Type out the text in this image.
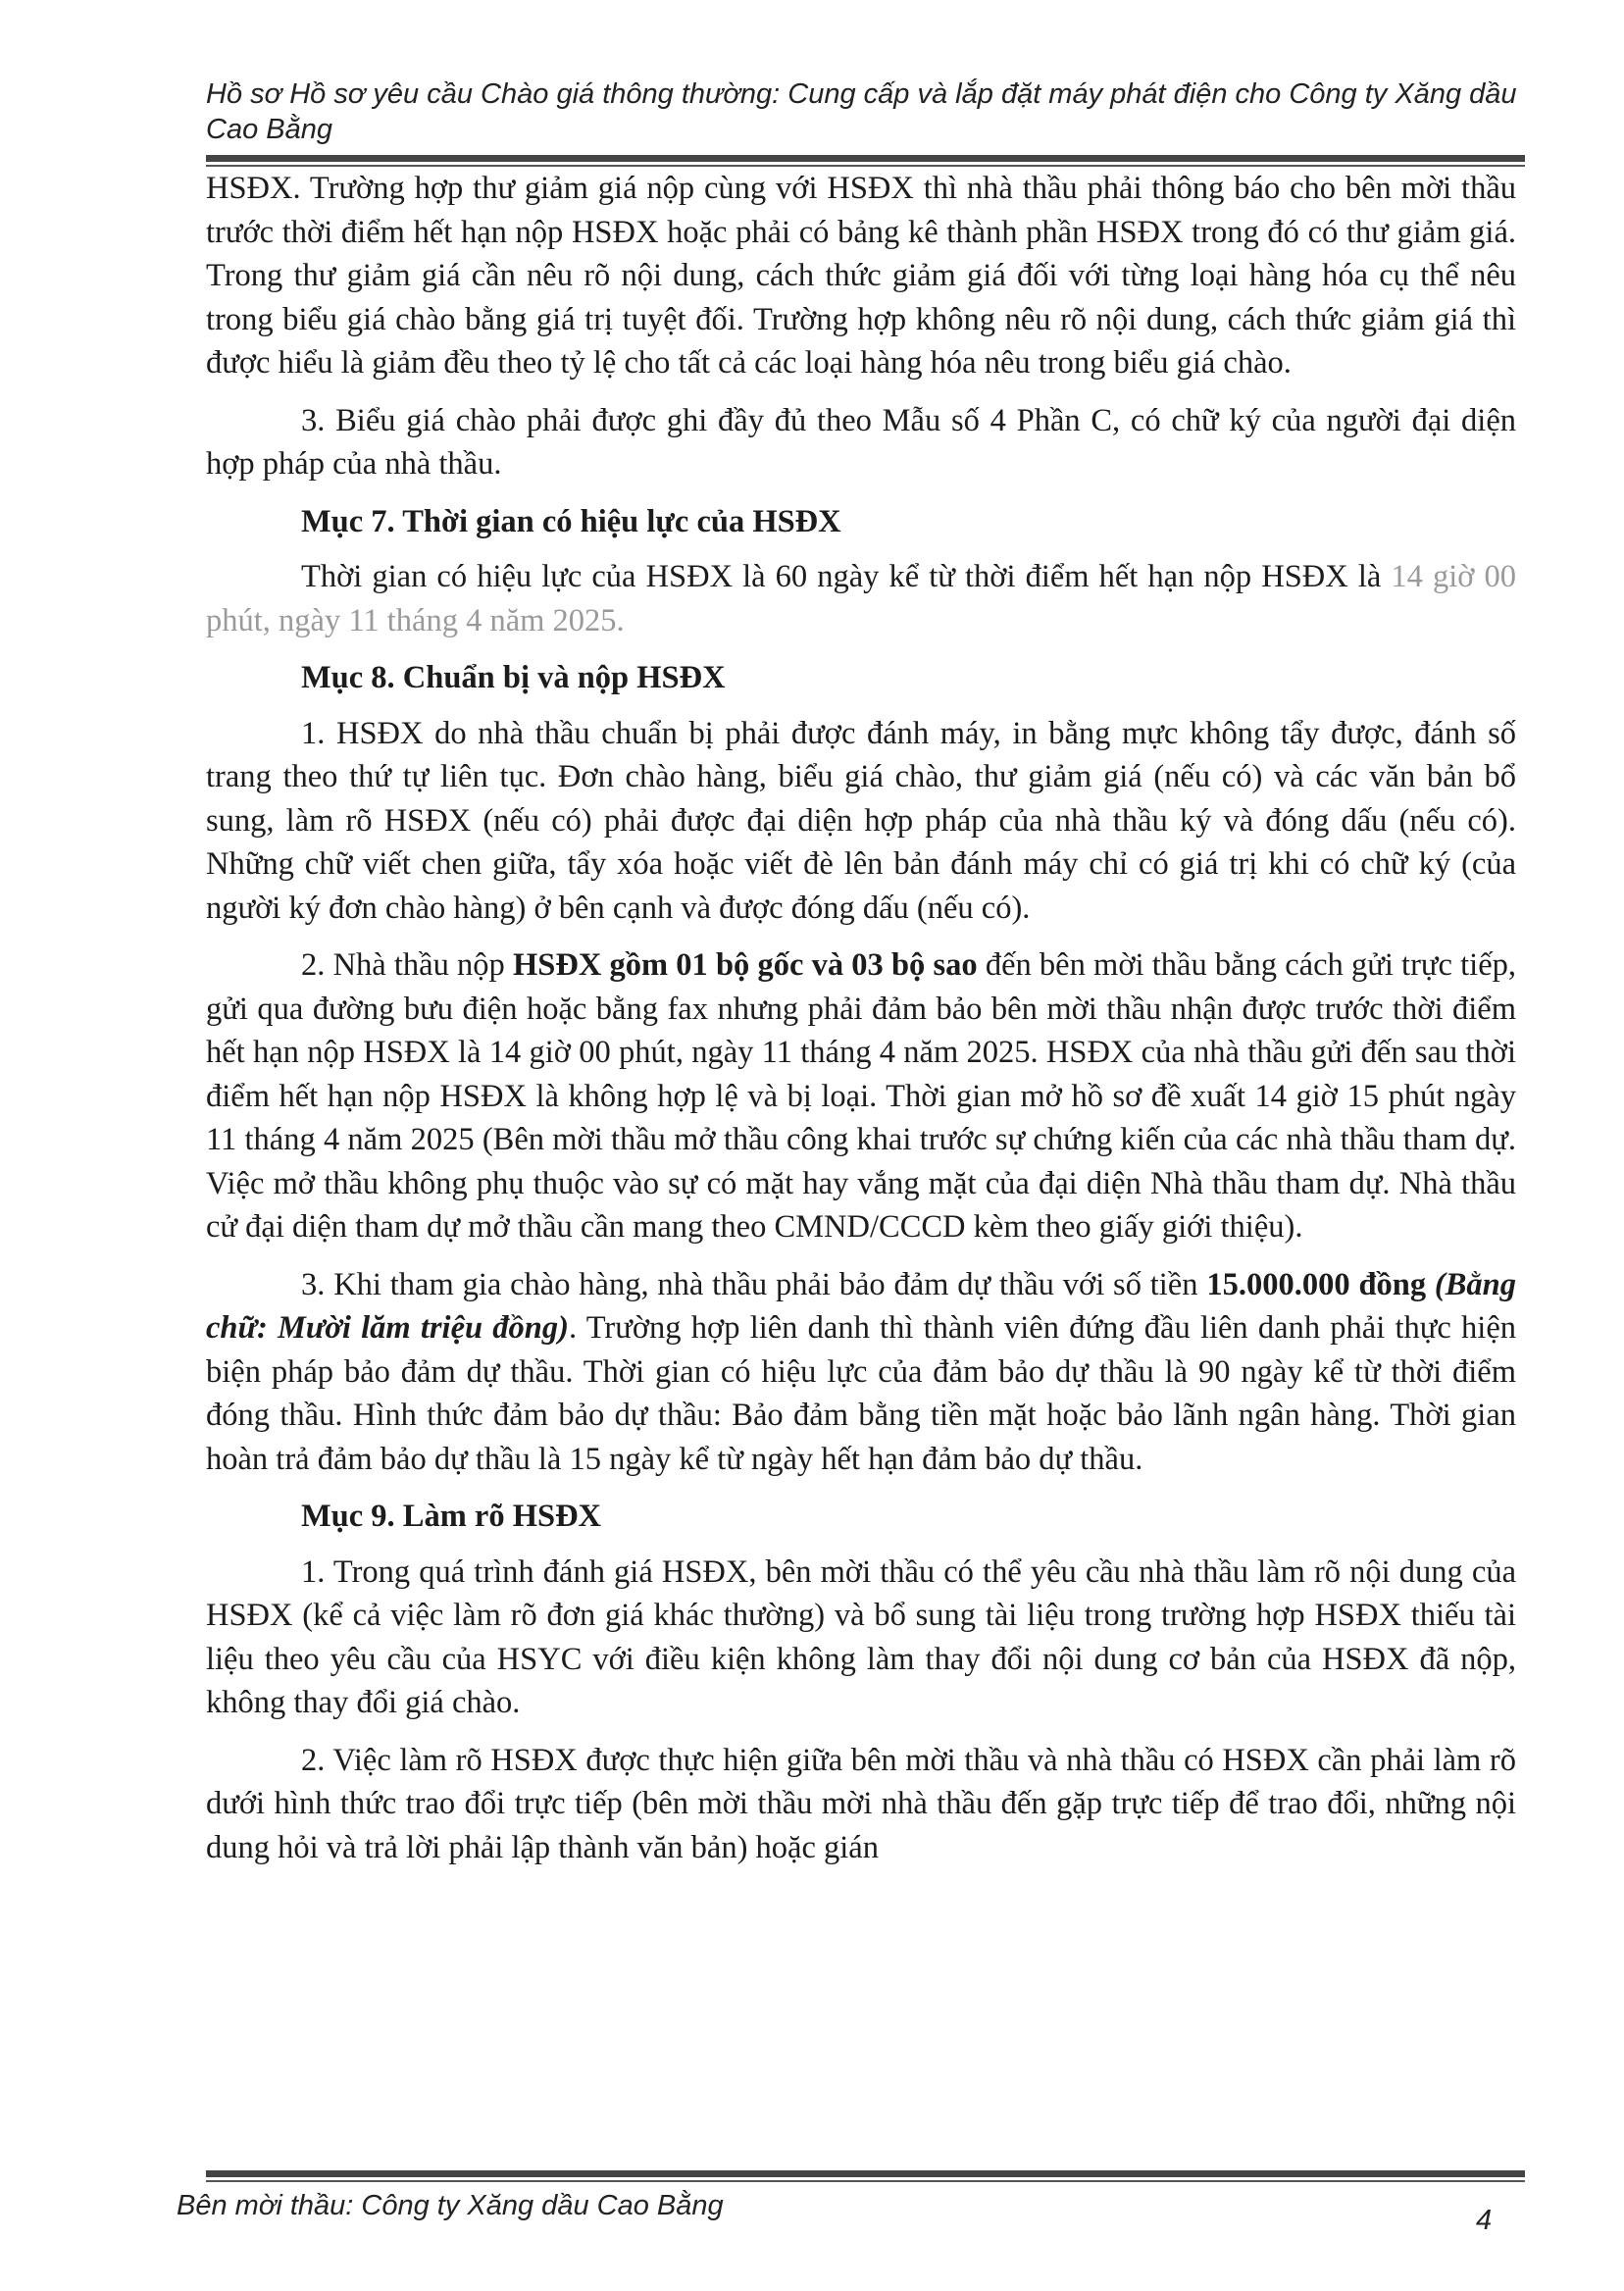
Hồ sơ Hồ sơ yêu cầu Chào giá thông thường: Cung cấp và lắp đặt máy phát điện cho Công ty Xăng dầu Cao Bằng

HSĐX. Trường hợp thư giảm giá nộp cùng với HSĐX thì nhà thầu phải thông báo cho bên mời thầu trước thời điểm hết hạn nộp HSĐX hoặc phải có bảng kê thành phần HSĐX trong đó có thư giảm giá. Trong thư giảm giá cần nêu rõ nội dung, cách thức giảm giá đối với từng loại hàng hóa cụ thể nêu trong biểu giá chào bằng giá trị tuyệt đối. Trường hợp không nêu rõ nội dung, cách thức giảm giá thì được hiểu là giảm đều theo tỷ lệ cho tất cả các loại hàng hóa nêu trong biểu giá chào.

3. Biểu giá chào phải được ghi đầy đủ theo Mẫu số 4 Phần C, có chữ ký của người đại diện hợp pháp của nhà thầu.

Mục 7. Thời gian có hiệu lực của HSĐX

Thời gian có hiệu lực của HSĐX là 60 ngày kể từ thời điểm hết hạn nộp HSĐX là 14 giờ 00 phút, ngày 11 tháng 4 năm 2025.

Mục 8. Chuẩn bị và nộp HSĐX

1. HSĐX do nhà thầu chuẩn bị phải được đánh máy, in bằng mực không tẩy được, đánh số trang theo thứ tự liên tục. Đơn chào hàng, biểu giá chào, thư giảm giá (nếu có) và các văn bản bổ sung, làm rõ HSĐX (nếu có) phải được đại diện hợp pháp của nhà thầu ký và đóng dấu (nếu có). Những chữ viết chen giữa, tẩy xóa hoặc viết đè lên bản đánh máy chỉ có giá trị khi có chữ ký (của người ký đơn chào hàng) ở bên cạnh và được đóng dấu (nếu có).

2. Nhà thầu nộp HSĐX gồm 01 bộ gốc và 03 bộ sao đến bên mời thầu bằng cách gửi trực tiếp, gửi qua đường bưu điện hoặc bằng fax nhưng phải đảm bảo bên mời thầu nhận được trước thời điểm hết hạn nộp HSĐX là 14 giờ 00 phút, ngày 11 tháng 4 năm 2025. HSĐX của nhà thầu gửi đến sau thời điểm hết hạn nộp HSĐX là không hợp lệ và bị loại. Thời gian mở hồ sơ đề xuất 14 giờ 15 phút ngày 11 tháng 4 năm 2025 (Bên mời thầu mở thầu công khai trước sự chứng kiến của các nhà thầu tham dự. Việc mở thầu không phụ thuộc vào sự có mặt hay vắng mặt của đại diện Nhà thầu tham dự. Nhà thầu cử đại diện tham dự mở thầu cần mang theo CMND/CCCD kèm theo giấy giới thiệu).

3. Khi tham gia chào hàng, nhà thầu phải bảo đảm dự thầu với số tiền 15.000.000 đồng (Bằng chữ: Mười lăm triệu đồng). Trường hợp liên danh thì thành viên đứng đầu liên danh phải thực hiện biện pháp bảo đảm dự thầu. Thời gian có hiệu lực của đảm bảo dự thầu là 90 ngày kể từ thời điểm đóng thầu. Hình thức đảm bảo dự thầu: Bảo đảm bằng tiền mặt hoặc bảo lãnh ngân hàng. Thời gian hoàn trả đảm bảo dự thầu là 15 ngày kể từ ngày hết hạn đảm bảo dự thầu.

Mục 9. Làm rõ HSĐX

1. Trong quá trình đánh giá HSĐX, bên mời thầu có thể yêu cầu nhà thầu làm rõ nội dung của HSĐX (kể cả việc làm rõ đơn giá khác thường) và bổ sung tài liệu trong trường hợp HSĐX thiếu tài liệu theo yêu cầu của HSYC với điều kiện không làm thay đổi nội dung cơ bản của HSĐX đã nộp, không thay đổi giá chào.

2. Việc làm rõ HSĐX được thực hiện giữa bên mời thầu và nhà thầu có HSĐX cần phải làm rõ dưới hình thức trao đổi trực tiếp (bên mời thầu mời nhà thầu đến gặp trực tiếp để trao đổi, những nội dung hỏi và trả lời phải lập thành văn bản) hoặc gián

Bên mời thầu: Công ty Xăng dầu Cao Bằng	4
